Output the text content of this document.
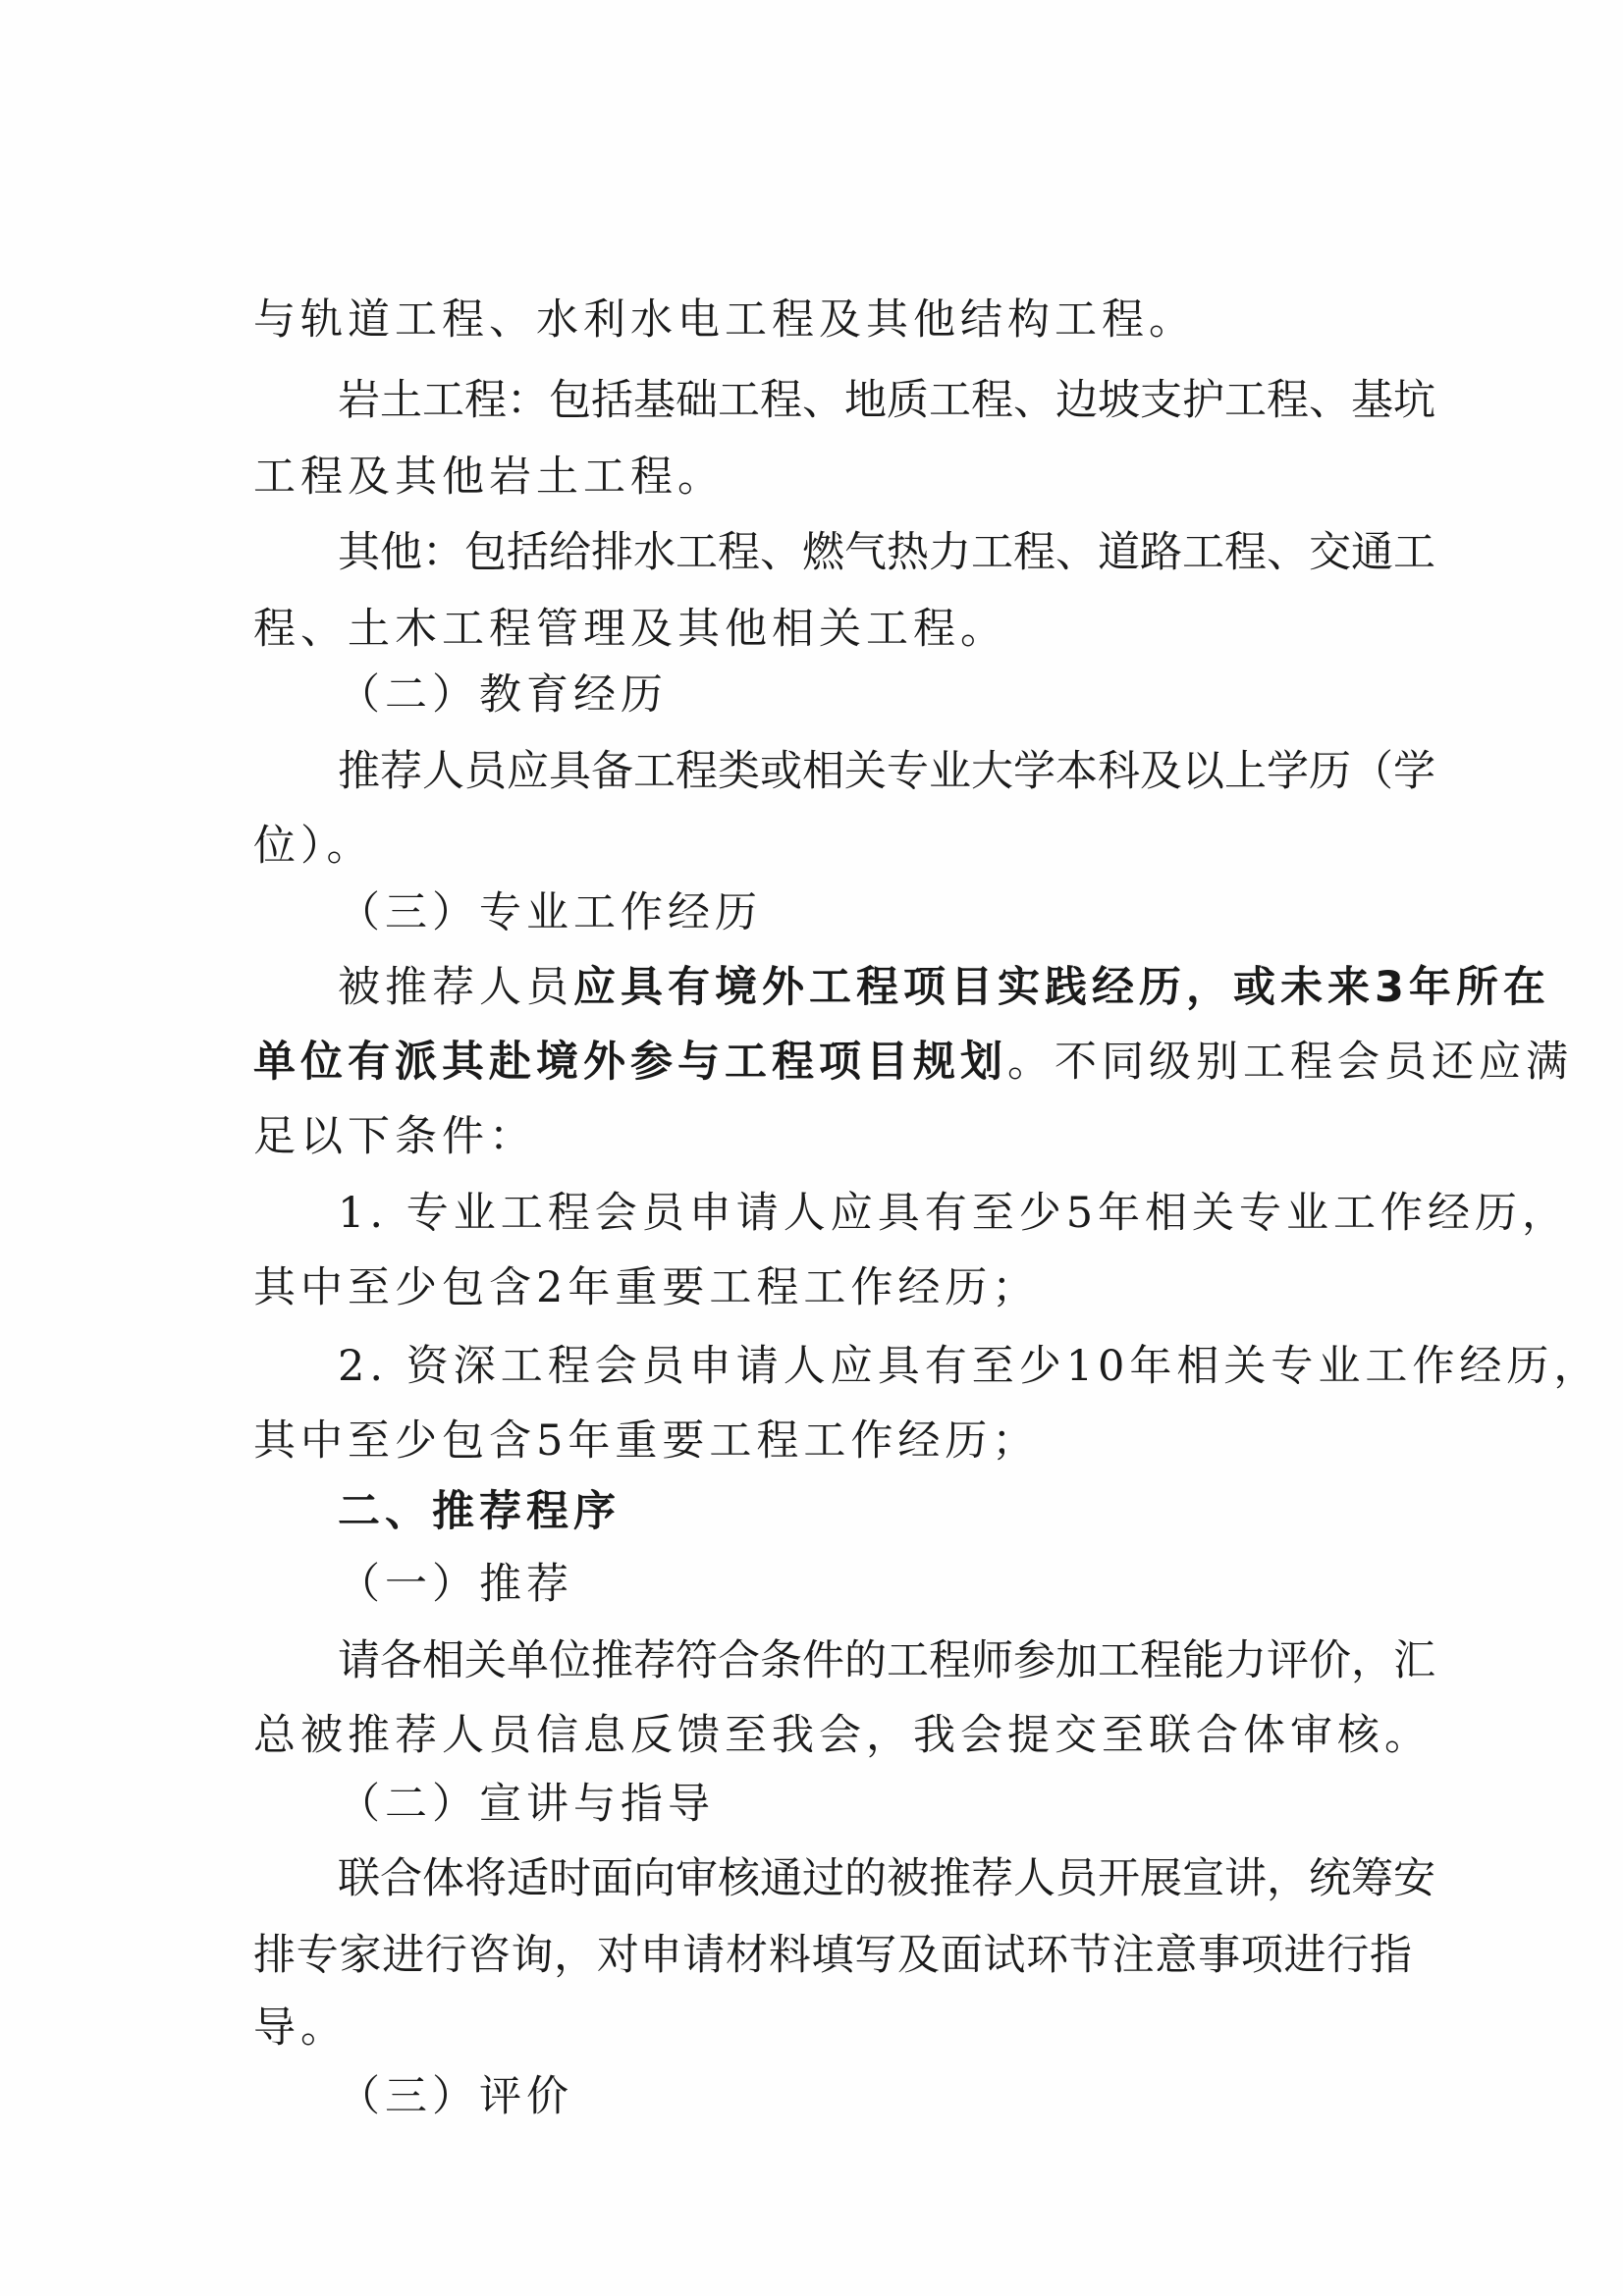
与轨道工程、水利水电工程及其他结构工程。
岩土工程：包括基础工程、地质工程、边坡支护工程、基坑
工程及其他岩土工程。
其他：包括给排水工程、燃气热力工程、道路工程、交通工
程、土木工程管理及其他相关工程。
（二）教育经历
推荐人员应具备工程类或相关专业大学本科及以上学历（学
位）。
（三）专业工作经历
被推荐人员应具有境外工程项目实践经历，或未来3年所在
单位有派其赴境外参与工程项目规划。不同级别工程会员还应满
足以下条件：
1. 专业工程会员申请人应具有至少5年相关专业工作经历，
其中至少包含2年重要工程工作经历；
2. 资深工程会员申请人应具有至少10年相关专业工作经历，
其中至少包含5年重要工程工作经历；
二、推荐程序
（一）推荐
请各相关单位推荐符合条件的工程师参加工程能力评价，汇
总被推荐人员信息反馈至我会，我会提交至联合体审核。
（二）宣讲与指导
联合体将适时面向审核通过的被推荐人员开展宣讲，统筹安
排专家进行咨询，对申请材料填写及面试环节注意事项进行指
导。
（三）评价
